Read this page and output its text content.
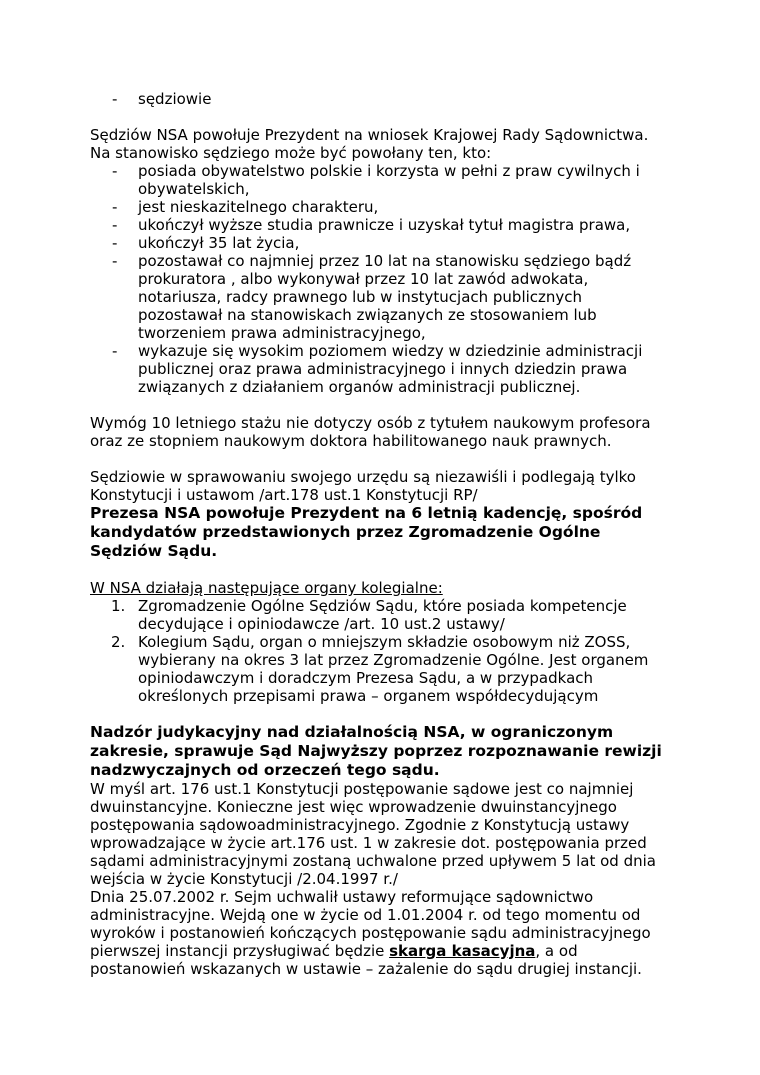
- sędziowie

Sędziów NSA powołuje Prezydent na wniosek Krajowej Rady Sądownictwa.
Na stanowisko sędziego może być powołany ten, kto:

- posiada obywatelstwo polskie i korzysta w pełni z praw cywilnych i
obywatelskich,
- jest nieskazitelnego charakteru,
- ukończył wyższe studia prawnicze i uzyskał tytuł magistra prawa,
- ukończył 35 lat życia,
- pozostawał co najmniej przez 10 lat na stanowisku sędziego bądź
prokuratora , albo wykonywał przez 10 lat zawód adwokata,
notariusza, radcy prawnego lub w instytucjach publicznych
pozostawał na stanowiskach związanych ze stosowaniem lub
tworzeniem prawa administracyjnego,
- wykazuje się wysokim poziomem wiedzy w dziedzinie administracji
publicznej oraz prawa administracyjnego i innych dziedzin prawa
związanych z działaniem organów administracji publicznej.

Wymóg 10 letniego stażu nie dotyczy osób z tytułem naukowym profesora
oraz ze stopniem naukowym doktora habilitowanego nauk prawnych.

Sędziowie w sprawowaniu swojego urzędu są niezawiśli i podlegają tylko
Konstytucji i ustawom /art.178 ust.1 Konstytucji RP/

Prezesa NSA powołuje Prezydent na 6 letnią kadencję, spośród
kandydatów przedstawionych przez Zgromadzenie Ogólne
Sędziów Sądu.

W NSA działają następujące organy kolegialne:

1. Zgromadzenie Ogólne Sędziów Sądu, które posiada kompetencje
decydujące i opiniodawcze /art. 10 ust.2 ustawy/
2. Kolegium Sądu, organ o mniejszym składzie osobowym niż ZOSS,
wybierany na okres 3 lat przez Zgromadzenie Ogólne. Jest organem
opiniodawczym i doradczym Prezesa Sądu, a w przypadkach
określonych przepisami prawa – organem współdecydującym

Nadzór judykacyjny nad działalnością NSA, w ograniczonym
zakresie, sprawuje Sąd Najwyższy poprzez rozpoznawanie rewizji
nadzwyczajnych od orzeczeń tego sądu.

W myśl art. 176 ust.1 Konstytucji postępowanie sądowe jest co najmniej
dwuinstancyjne. Konieczne jest więc wprowadzenie dwuinstancyjnego
postępowania sądowoadministracyjnego. Zgodnie z Konstytucją ustawy
wprowadzające w życie art.176 ust. 1 w zakresie dot. postępowania przed
sądami administracyjnymi zostaną uchwalone przed upływem 5 lat od dnia
wejścia w życie Konstytucji /2.04.1997 r./

Dnia 25.07.2002 r. Sejm uchwalił ustawy reformujące sądownictwo
administracyjne. Wejdą one w życie od 1.01.2004 r. od tego momentu od
wyroków i postanowień kończących postępowanie sądu administracyjnego
pierwszej instancji przysługiwać będzie skarga kasacyjna, a od
postanowień wskazanych w ustawie – zażalenie do sądu drugiej instancji.
